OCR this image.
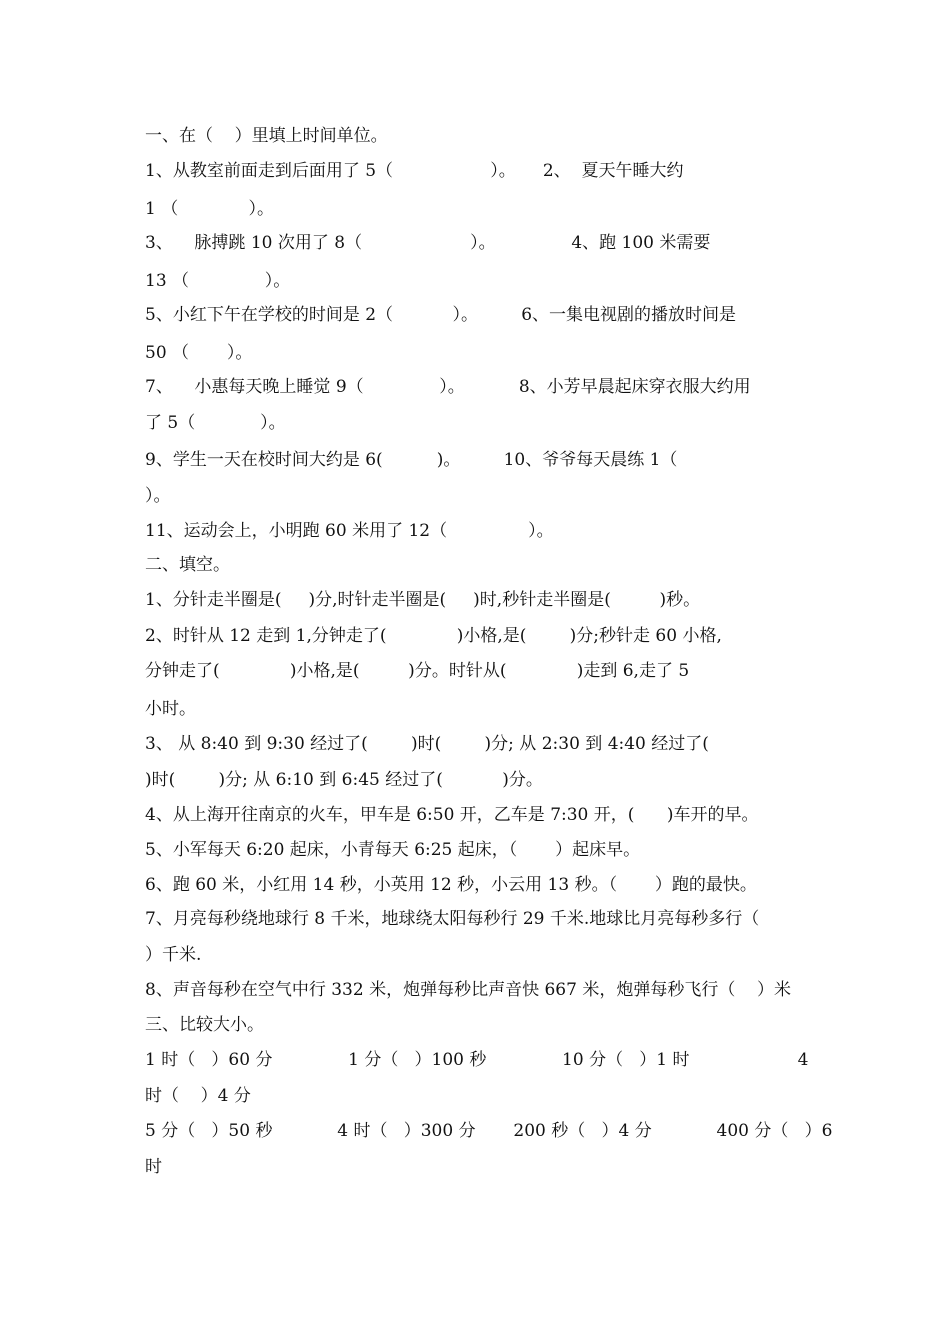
一、在（    ）里填上时间单位。
1、从教室前面走到后面用了 5（                  ）。     2、  夏天午睡大约
1 （             ）。
3、    脉搏跳 10 次用了 8（                    ）。              4、跑 100 米需要
13 （              ）。
5、小红下午在学校的时间是 2（           ）。        6、一集电视剧的播放时间是
50 （       ）。
7、    小惠每天晚上睡觉 9（              ）。          8、小芳早晨起床穿衣服大约用
了 5（            ）。
9、学生一天在校时间大约是 6(          )。        10、爷爷每天晨练 1（
）。
11、运动会上，小明跑 60 米用了 12（               ）。
二、填空。
1、分针走半圈是(     )分,时针走半圈是(     )时,秒针走半圈是(         )秒。
2、时针从 12 走到 1,分钟走了(             )小格,是(        )分;秒针走 60 小格,
分钟走了(             )小格,是(         )分。时针从(             )走到 6,走了 5
小时。
3、 从 8:40 到 9:30 经过了(        )时(        )分; 从 2:30 到 4:40 经过了(
)时(        )分; 从 6:10 到 6:45 经过了(           )分。
4、从上海开往南京的火车，甲车是 6:50 开，乙车是 7:30 开，(      )车开的早。
5、小军每天 6:20 起床，小青每天 6:25 起床，（       ）起床早。
6、跑 60 米，小红用 14 秒，小英用 12 秒，小云用 13 秒。（       ）跑的最快。
7、月亮每秒绕地球行 8 千米，地球绕太阳每秒行 29 千米.地球比月亮每秒多行（
）千米.
8、声音每秒在空气中行 332 米，炮弹每秒比声音快 667 米，炮弹每秒飞行（    ）米
三、比较大小。
1 时（   ）60 分              1 分（   ）100 秒              10 分（   ）1 时                    4
时（    ）4 分
5 分（   ）50 秒            4 时（   ）300 分       200 秒（   ）4 分            400 分（   ）6
时
